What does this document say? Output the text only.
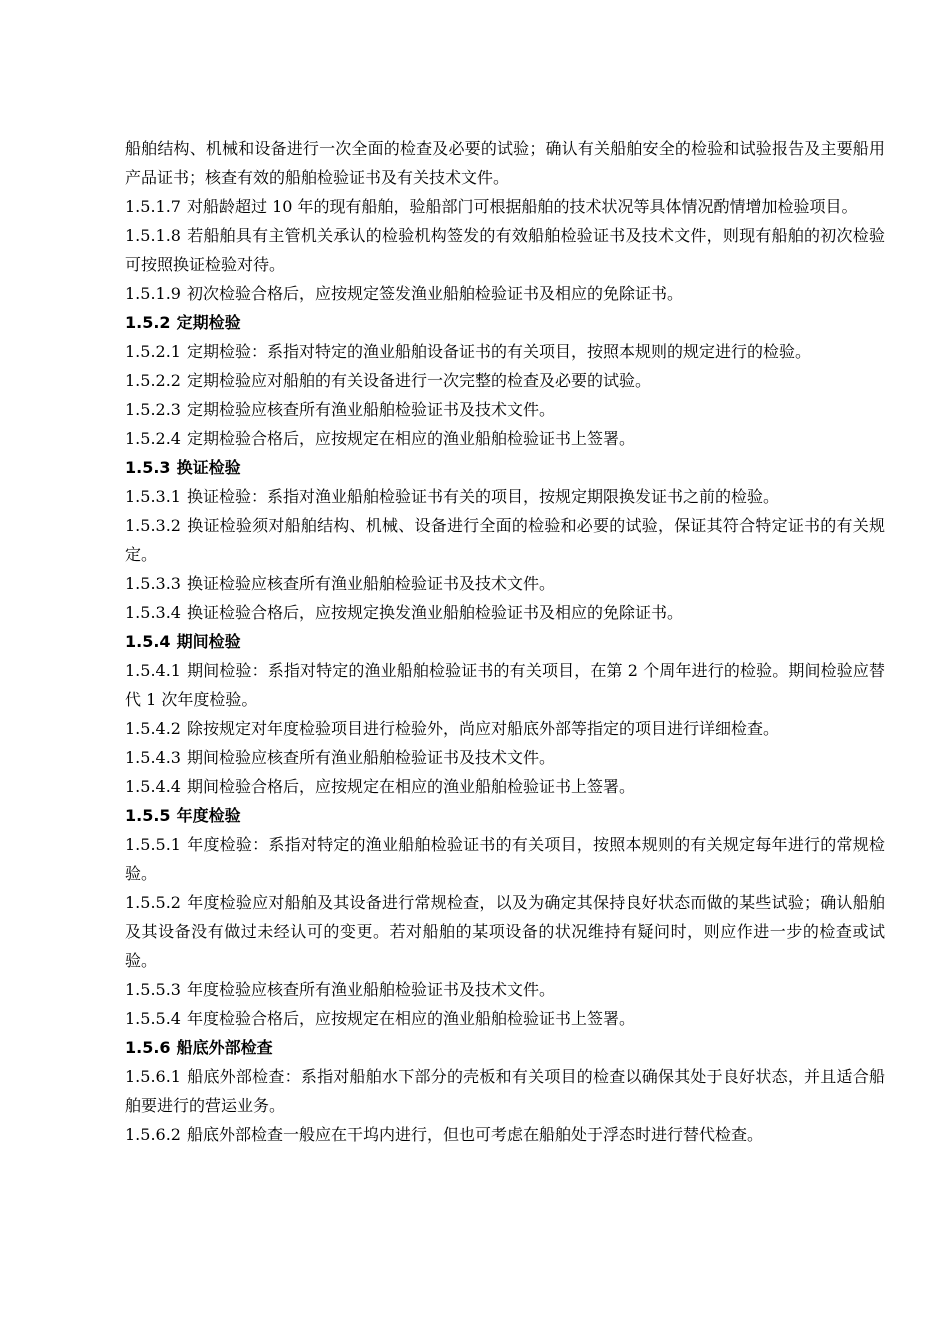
船舶结构、机械和设备进行一次全面的检查及必要的试验；确认有关船舶安全的检验和试验报告及主要船用产品证书；核查有效的船舶检验证书及有关技术文件。

1.5.1.7 对船龄超过 10 年的现有船舶，验船部门可根据船舶的技术状况等具体情况酌情增加检验项目。

1.5.1.8 若船舶具有主管机关承认的检验机构签发的有效船舶检验证书及技术文件，则现有船舶的初次检验可按照换证检验对待。

1.5.1.9 初次检验合格后，应按规定签发渔业船舶检验证书及相应的免除证书。

1.5.2 定期检验

1.5.2.1 定期检验：系指对特定的渔业船舶设备证书的有关项目，按照本规则的规定进行的检验。

1.5.2.2 定期检验应对船舶的有关设备进行一次完整的检查及必要的试验。

1.5.2.3 定期检验应核查所有渔业船舶检验证书及技术文件。

1.5.2.4 定期检验合格后，应按规定在相应的渔业船舶检验证书上签署。

1.5.3 换证检验

1.5.3.1 换证检验：系指对渔业船舶检验证书有关的项目，按规定期限换发证书之前的检验。

1.5.3.2 换证检验须对船舶结构、机械、设备进行全面的检验和必要的试验，保证其符合特定证书的有关规定。

1.5.3.3 换证检验应核查所有渔业船舶检验证书及技术文件。

1.5.3.4 换证检验合格后，应按规定换发渔业船舶检验证书及相应的免除证书。

1.5.4 期间检验

1.5.4.1 期间检验：系指对特定的渔业船舶检验证书的有关项目，在第 2 个周年进行的检验。期间检验应替代 1 次年度检验。

1.5.4.2 除按规定对年度检验项目进行检验外，尚应对船底外部等指定的项目进行详细检查。

1.5.4.3 期间检验应核查所有渔业船舶检验证书及技术文件。

1.5.4.4 期间检验合格后，应按规定在相应的渔业船舶检验证书上签署。

1.5.5 年度检验

1.5.5.1 年度检验：系指对特定的渔业船舶检验证书的有关项目，按照本规则的有关规定每年进行的常规检验。

1.5.5.2 年度检验应对船舶及其设备进行常规检查，以及为确定其保持良好状态而做的某些试验；确认船舶及其设备没有做过未经认可的变更。若对船舶的某项设备的状况维持有疑问时，则应作进一步的检查或试验。

1.5.5.3 年度检验应核查所有渔业船舶检验证书及技术文件。

1.5.5.4 年度检验合格后，应按规定在相应的渔业船舶检验证书上签署。

1.5.6 船底外部检查

1.5.6.1 船底外部检查：系指对船舶水下部分的壳板和有关项目的检查以确保其处于良好状态，并且适合船舶要进行的营运业务。

1.5.6.2 船底外部检查一般应在干坞内进行，但也可考虑在船舶处于浮态时进行替代检查。
